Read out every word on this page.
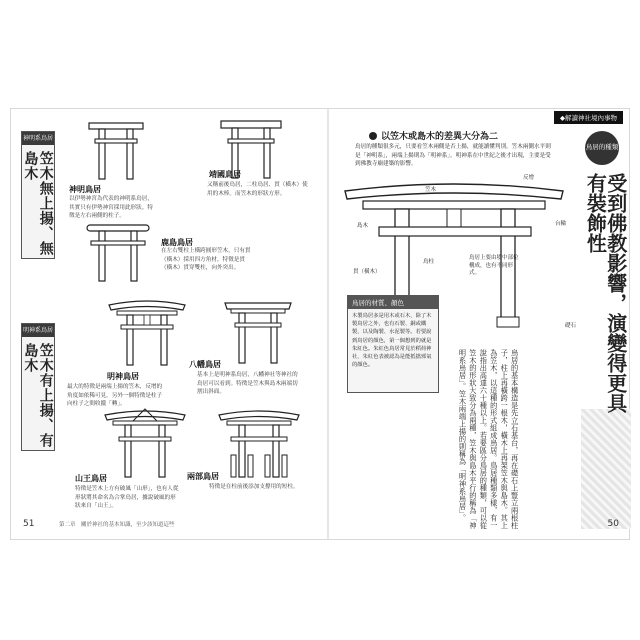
神明系鳥居
笠木無上揚、無島木
明神系鳥居
笠木有上揚、有島木
神明鳥居
以伊勢神宮為代表的神明系鳥居，其實只有伊勢神宮採用此形狀。特徵是左右兩側的柱子。
靖國鳥居
又稱前後鳥居，二柱鳥居、貫（橫木）使用的木棒。而笠木的形狀方形。
鹿島鳥居
在左右雙柱上橫跨圓形笠木，只有貫（橫木）採用四方角材，特徵是貫（橫木）貫穿雙柱，向外突出。
明神鳥居
最大的特徵是兩端上揚的笠木，反增的角度如依稀可見。另外一個特徵是柱子向柱子之間收攏「轉」。
八幡鳥居
基本上是明神系鳥居，八幡神社等神社的鳥居可以看到。特徵是笠木與島木兩端切割出斜面。
山王鳥居
特徵是笠木上方有破風「山形」，也有人從形狀將其命名為合掌鳥居，據說破風的形狀來自「山王」。
兩部鳥居
特徵是在柱前後添加支撐用的短柱。
51	第二章　關於神社的基本知識，至少該知道這些
◆解讀神社境內事物
以笠木或島木的差異大分為二
鳥居的種類很多元，只要看笠木兩側是否上揚，就能讀懂判別。笠木兩側水平則是「神明系」，兩端上揚則為「明神系」。明神系在中世紀之後才出現，主要是受到佛教寺廟建築的影響。
笠木
反增
島木	台輪
貫（橫木）
鳥柱
鳥居上要由墳中部位構成，也有不同形式。
礎石
鳥居的材質、顏色
木製鳥居多是用木或石木，除了木製鳥居之外，也有石製、銅或鐵製，以及陶製、水泥製等。若要說到鳥居的顏色，第一個想到的就是朱紅色。朱紅色鳥居常見於稻荷神社，朱紅色表被認為是能抵擋邪氣的顏色。	鳥居的基本構造是先立石基台，再在礎石上豎立兩根柱子，柱上再橫跨一根木，橫木上再架笠木與島木。其上為笠木，以這種的形式組成鳥居。鳥居種類多樣，有一說指出高達六十種以上。若要區分鳥居的種類，可以從笠木的形狀大致分為兩種，笠木與島木平行的稱為「神明系鳥居」。笠木兩端上揚的則稱為「明神系鳥居」。
鳥居的種類
受到佛教影響，演變得更具有裝飾性
50
